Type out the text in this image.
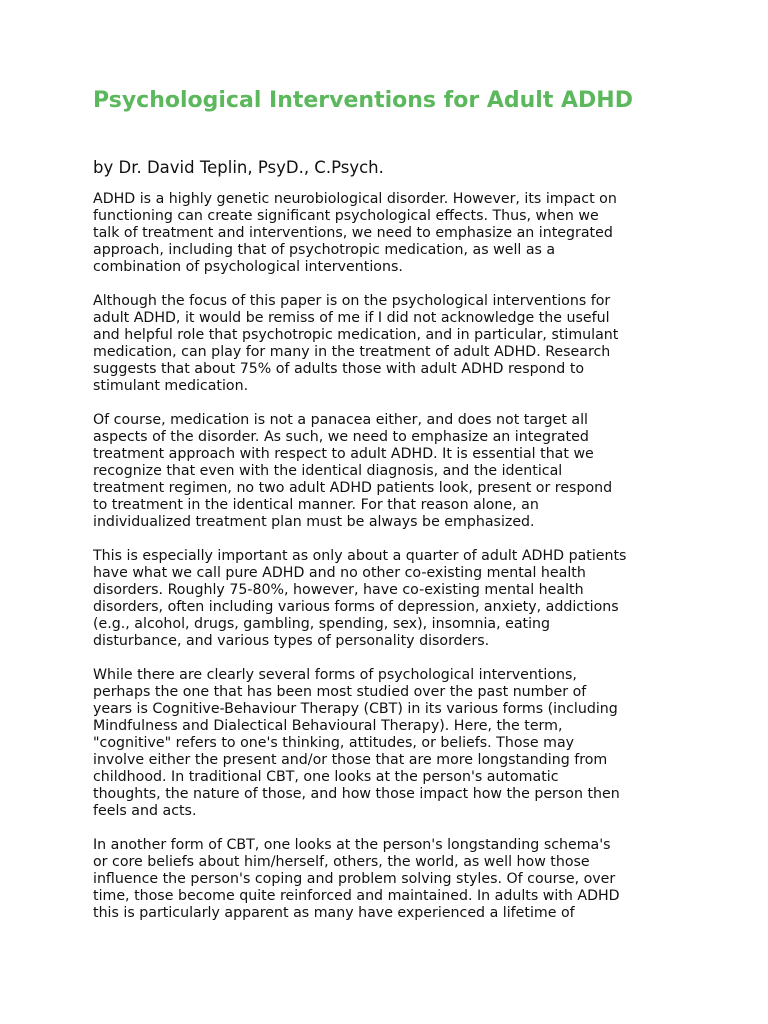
Psychological Interventions for Adult ADHD
by Dr. David Teplin, PsyD., C.Psych.

ADHD is a highly genetic neurobiological disorder. However, its impact on
functioning can create significant psychological effects. Thus, when we
talk of treatment and interventions, we need to emphasize an integrated
approach, including that of psychotropic medication, as well as a
combination of psychological interventions.

Although the focus of this paper is on the psychological interventions for
adult ADHD, it would be remiss of me if I did not acknowledge the useful
and helpful role that psychotropic medication, and in particular, stimulant
medication, can play for many in the treatment of adult ADHD. Research
suggests that about 75% of adults those with adult ADHD respond to
stimulant medication.

Of course, medication is not a panacea either, and does not target all
aspects of the disorder. As such, we need to emphasize an integrated
treatment approach with respect to adult ADHD. It is essential that we
recognize that even with the identical diagnosis, and the identical
treatment regimen, no two adult ADHD patients look, present or respond
to treatment in the identical manner. For that reason alone, an
individualized treatment plan must be always be emphasized.

This is especially important as only about a quarter of adult ADHD patients
have what we call pure ADHD and no other co-existing mental health
disorders. Roughly 75-80%, however, have co-existing mental health
disorders, often including various forms of depression, anxiety, addictions
(e.g., alcohol, drugs, gambling, spending, sex), insomnia, eating
disturbance, and various types of personality disorders.

While there are clearly several forms of psychological interventions,
perhaps the one that has been most studied over the past number of
years is Cognitive-Behaviour Therapy (CBT) in its various forms (including
Mindfulness and Dialectical Behavioural Therapy). Here, the term,
"cognitive" refers to one's thinking, attitudes, or beliefs. Those may
involve either the present and/or those that are more longstanding from
childhood. In traditional CBT, one looks at the person's automatic
thoughts, the nature of those, and how those impact how the person then
feels and acts.

In another form of CBT, one looks at the person's longstanding schema's
or core beliefs about him/herself, others, the world, as well how those
influence the person's coping and problem solving styles. Of course, over
time, those become quite reinforced and maintained. In adults with ADHD
this is particularly apparent as many have experienced a lifetime of
